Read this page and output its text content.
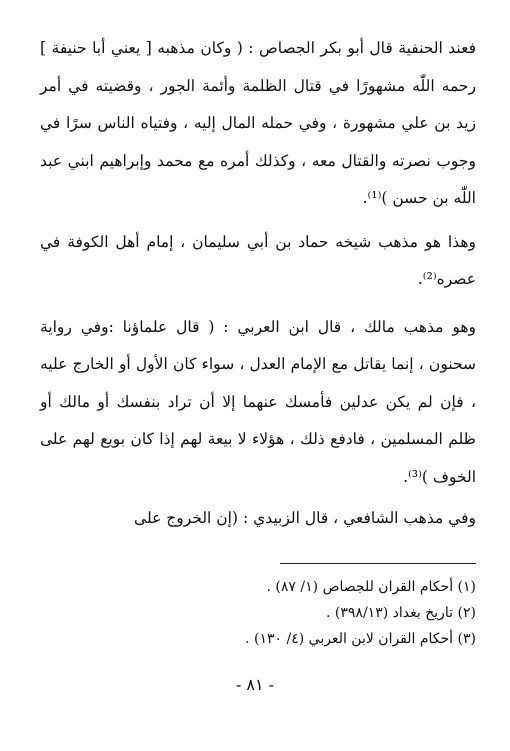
فعند الحنفية قال أبو بكر الجصاص : ( وكان مذهبه [ يعني أبا حنيفة ] رحمه اللّٰه مشهورًا في قتال الظلمة وأئمة الجور ، وقضيته في أمر زيد بن علي مشهورة ، وفي حمله المال إليه ، وفتياه الناس سرًا في وجوب نصرته والقتال معه ، وكذلك أمره مع محمد وإبراهيم ابني عبد اللّٰه بن حسن )⁽¹⁾.

وهذا هو مذهب شيخه حماد بن أبي سليمان ، إمام أهل الكوفة في عصره⁽²⁾.

وهو مذهب مالك ، قال ابن العربي : ( قال علماؤنا :وفي رواية سحنون ، إنما يقاتل مع الإمام العدل ، سواء كان الأول أو الخارج عليه ، فإن لم يكن عدلين فأمسك عنهما إلا أن تراد بنفسك أو مالك أو ظلم المسلمين ، فادفع ذلك ، هؤلاء لا بيعة لهم إذا كان بويع لهم على الخوف )⁽³⁾.

وفي مذهب الشافعي ، قال الزبيدي : (إن الخروج على

(١) أحكام القران للجصاص (١/ ٨٧) .

(٢) تاريخ بغداد (٣٩٨/١٣) .

(٣) أحكام القران لابن العربي (٤/ ١٣٠) .

- ٨١ -
